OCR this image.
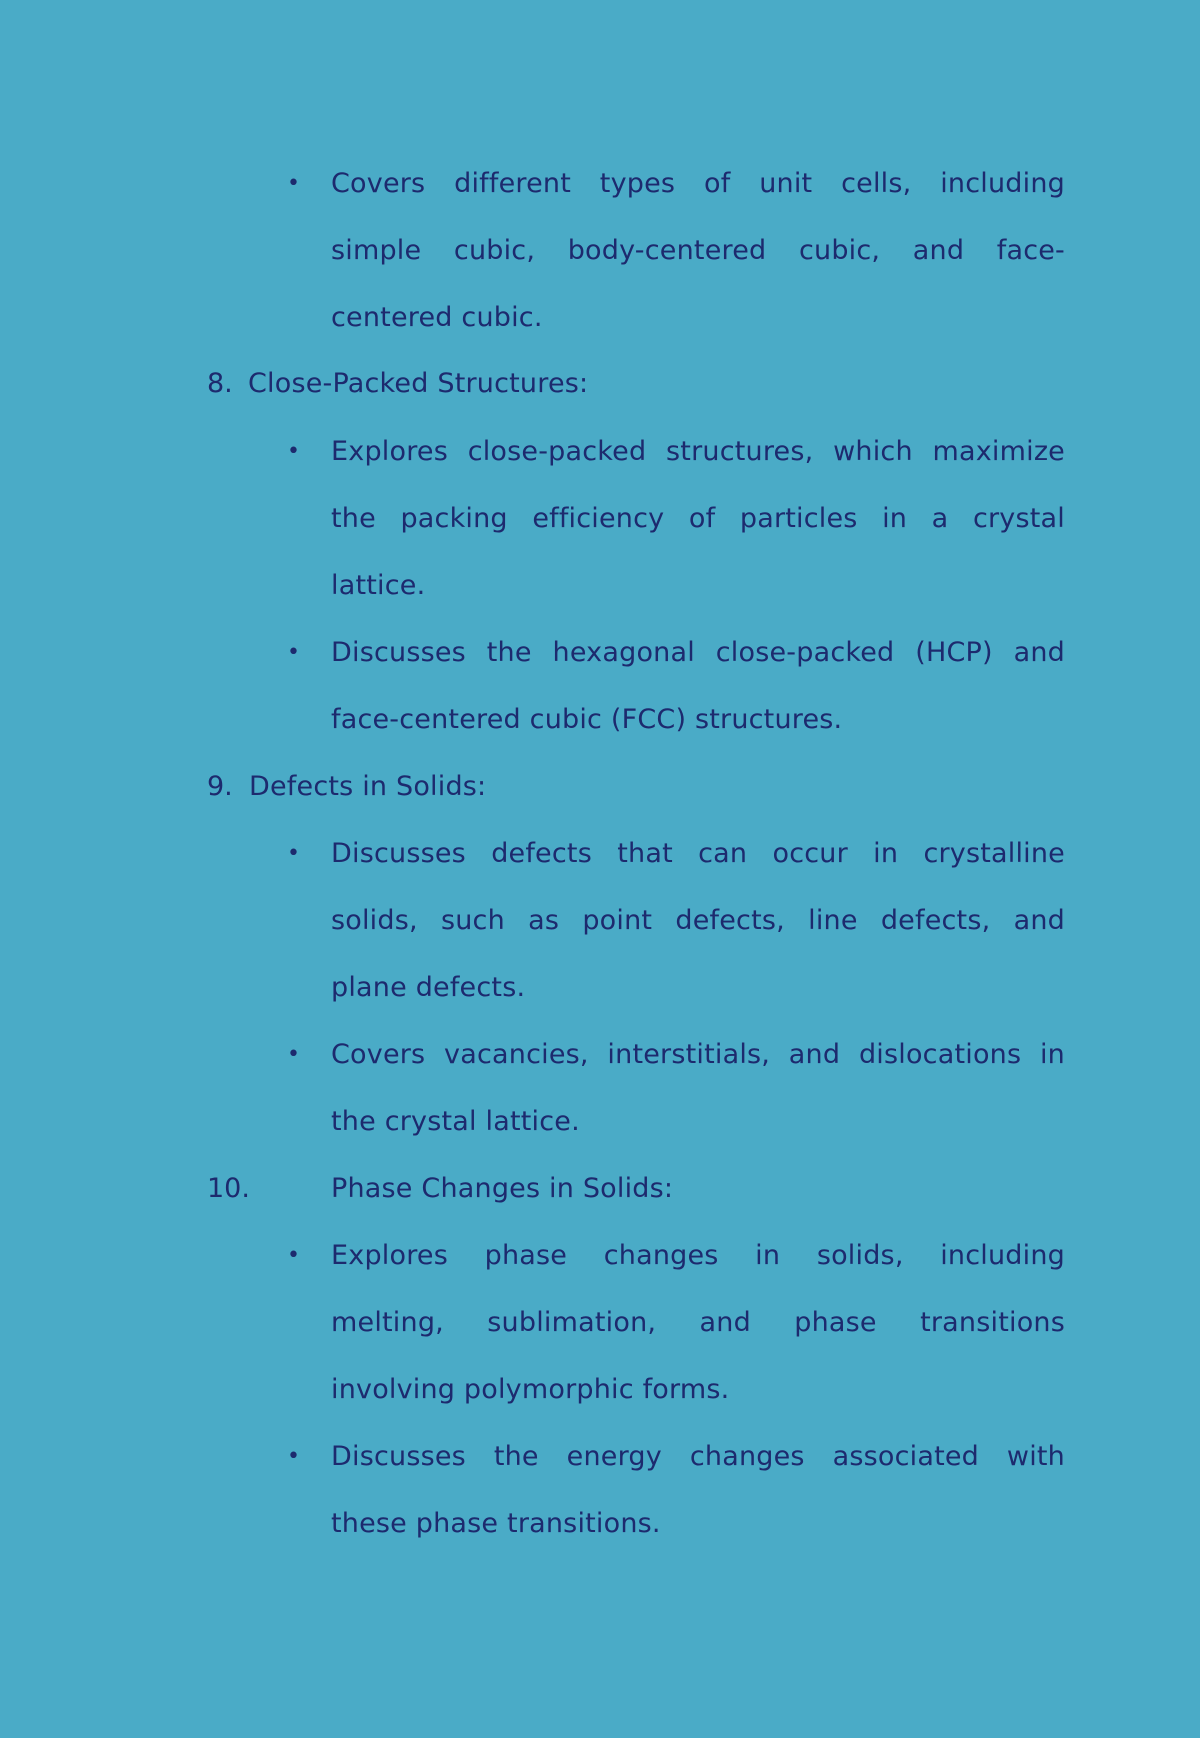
• Covers different types of unit cells, including
simple cubic, body-centered cubic, and face-
centered cubic.
8. Close-Packed Structures:
• Explores close-packed structures, which maximize
the packing efficiency of particles in a crystal
lattice.
• Discusses the hexagonal close-packed (HCP) and
face-centered cubic (FCC) structures.
9. Defects in Solids:
• Discusses defects that can occur in crystalline
solids, such as point defects, line defects, and
plane defects.
• Covers vacancies, interstitials, and dislocations in
the crystal lattice.
10.	Phase Changes in Solids:
• Explores phase changes in solids, including
melting, sublimation, and phase transitions
involving polymorphic forms.
• Discusses the energy changes associated with
these phase transitions.
